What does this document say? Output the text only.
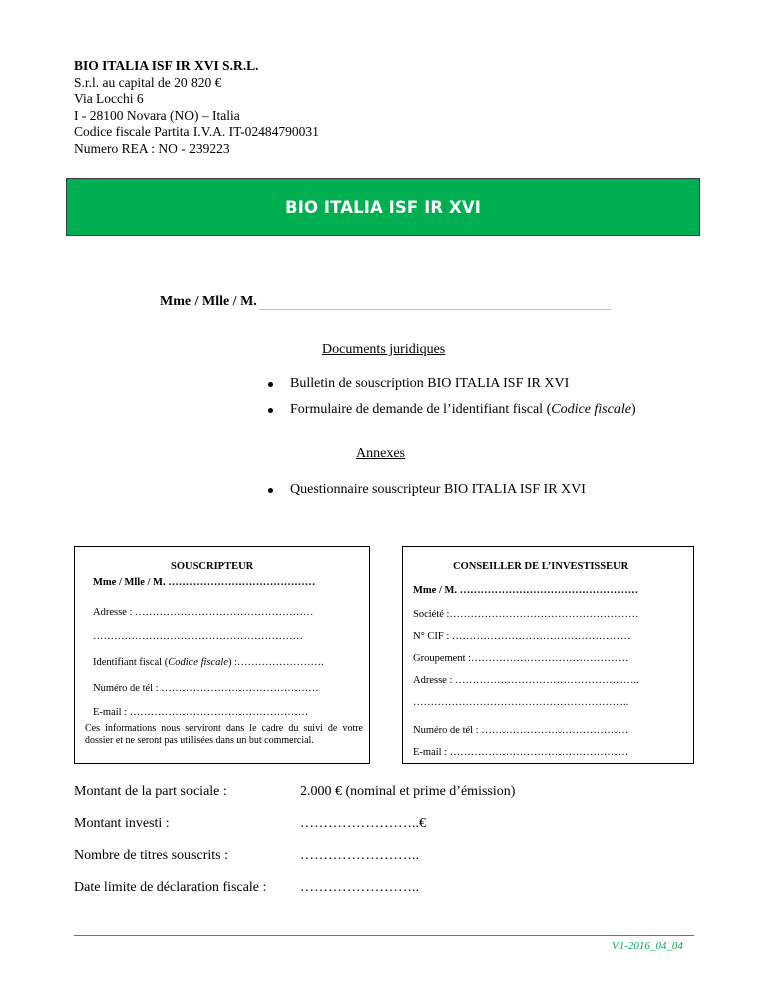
BIO ITALIA ISF IR XVI S.R.L.
S.r.l. au capital de 20 820 €
Via Locchi 6
I - 28100 Novara (NO) – Italia
Codice fiscale Partita I.V.A. IT-02484790031
Numero REA : NO - 239223
BIO ITALIA ISF IR XVI
Mme / Mlle / M.
Documents juridiques
Bulletin de souscription BIO ITALIA ISF IR XVI
Formulaire de demande de l’identifiant fiscal (Codice fiscale)
Annexes
Questionnaire souscripteur BIO ITALIA ISF IR XVI
SOUSCRIPTEUR
Mme / Mlle / M. ……………………………………
Adresse : ……………………………………………
……………………………………………………
Identifiant fiscal (Codice fiscale) :…………………….
Numéro de tél : ………………………………………
E-mail : ……………………………………………
Ces informations nous serviront dans le cadre du suivi de votre dossier et ne seront pas utilisées dans un but commercial.
CONSEILLER DE L’INVESTISSEUR
Mme / M. ……………………………………………
Société :………………………………………………
N° CIF : ……………………………………………
Groupement :………………………………………
Adresse : ……………………………………………..
……………………………………………………..
Numéro de tél : ……………………………………
E-mail : ……………………………………………
Montant de la part sociale :	2.000 € (nominal et prime d’émission)
Montant investi :	……………………..€
Nombre de titres souscrits :	……………………..
Date limite de déclaration fiscale : ……………………..
V1-2016_04_04
